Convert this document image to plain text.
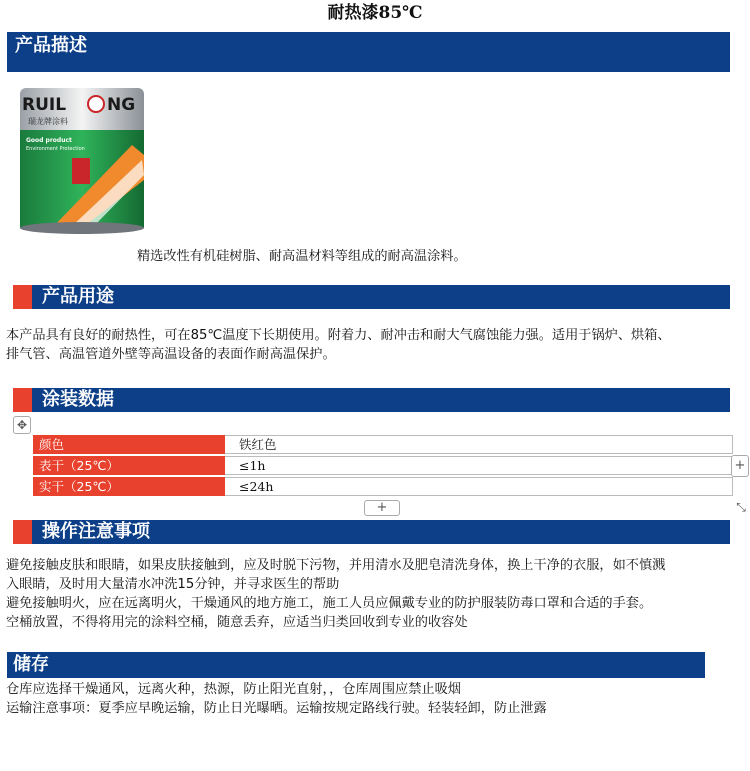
耐热漆85℃
产品描述
RUIL NG
瑞龙牌涂料
Good product
Environment Protection
精选改性有机硅树脂、耐高温材料等组成的耐高温涂料。
产品用途
本产品具有良好的耐热性，可在85℃温度下长期使用。附着力、耐冲击和耐大气腐蚀能力强。适用于锅炉、烘箱、
排气管、高温管道外壁等高温设备的表面作耐高温保护。
涂装数据
✥
颜色	铁红色
表干（25℃）	≤1h
实干（25℃）	≤24h
+
+	⤡
操作注意事项
避免接触皮肤和眼睛，如果皮肤接触到，应及时脱下污物，并用清水及肥皂清洗身体，换上干净的衣服，如不慎溅
入眼睛，及时用大量清水冲洗15分钟，并寻求医生的帮助
避免接触明火，应在远离明火，干燥通风的地方施工，施工人员应佩戴专业的防护服装防毒口罩和合适的手套。
空桶放置，不得将用完的涂料空桶，随意丢弃，应适当归类回收到专业的收容处
储存
仓库应选择干燥通风，远离火种，热源，防止阳光直射，，仓库周围应禁止吸烟
运输注意事项：夏季应早晚运输，防止日光曝晒。运输按规定路线行驶。轻装轻卸，防止泄露
